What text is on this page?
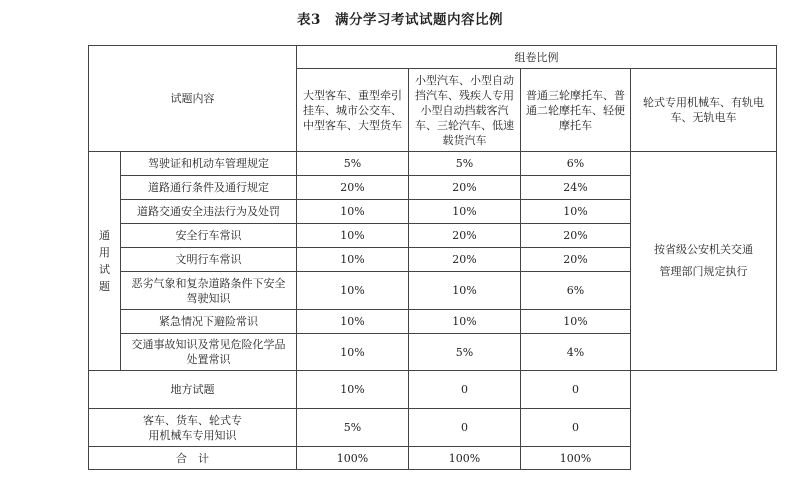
表3　满分学习考试试题内容比例
试题内容		组卷比例			
		大型客车、重型牵引挂车、城市公交车、中型客车、大型货车	小型汽车、小型自动挡汽车、残疾人专用小型自动挡载客汽车、三轮汽车、低速载货汽车	普通三轮摩托车、普通二轮摩托车、轻便摩托车	轮式专用机械车、有轨电车、无轨电车

通
用
试
题	驾驶证和机动车管理规定	5%	5%	6%	按省级公安机关交通管理部门规定执行
	道路通行条件及通行规定	20%	20%	24%	
	道路交通安全违法行为及处罚	10%	10%	10%	
	安全行车常识	10%	20%	20%	
	文明行车常识	10%	20%	20%	
	恶劣气象和复杂道路条件下安全驾驶知识	10%	10%	6%	
	紧急情况下避险常识	10%	10%	10%	
	交通事故知识及常见危险化学品处置常识	10%	5%	4%	
地方试题		10%	0	0	
客车、货车、轮式专用机械车专用知识		5%	0	0	
合　计		100%	100%	100%	
